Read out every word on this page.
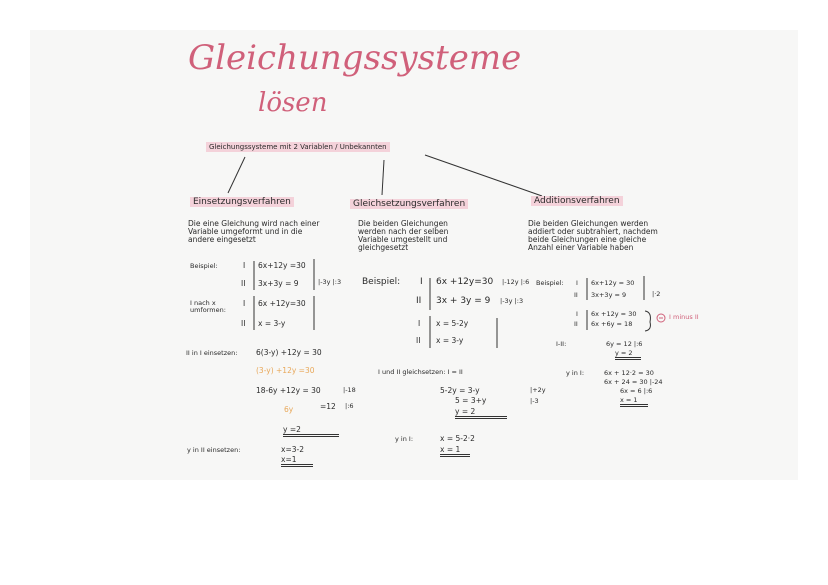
Gleichungssysteme
lösen
Gleichungssysteme mit 2 Variablen / Unbekannten
Einsetzungsverfahren
Die eine Gleichung wird nach einer
Variable umgeformt und in die
andere eingesetzt
Beispiel:	I 6x+12y =30
II 3x+3y = 9	|-3y |:3
I nach x
umformen:
I 6x +12y=30
II x = 3-y
II in I einsetzen: 6(3-y) +12y = 30
(3-y) +12y =30
18-6y +12y = 30	|-18
6y	=12 |:6
y =2
y in II einsetzen:	x=3-2
x=1
Gleichsetzungsverfahren
Die beiden Gleichungen
werden nach der selben
Variable umgestellt und
gleichgesetzt
Beispiel: I 6x +12y=30 |-12y |:6
II 3x + 3y = 9 |-3y |:3
I x = 5-2y
II x = 3-y
I und II gleichsetzen: I = II
5-2y = 3-y	|+2y
5 = 3+y	|-3
y = 2
y in I:	x = 5-2·2
x = 1
Additionsverfahren
Die beiden Gleichungen werden
addiert oder subtrahiert, nachdem
beide Gleichungen eine gleiche
Anzahl einer Variable haben
Beispiel: I 6x+12y = 30
II 3x+3y = 9	|·2
I 6x +12y = 30
II 6x +6y = 18
I minus II
I-II:	6y = 12 |:6
y = 2
y in I:	6x + 12·2 = 30
6x + 24 = 30 |-24
6x = 6 |:6
x = 1
